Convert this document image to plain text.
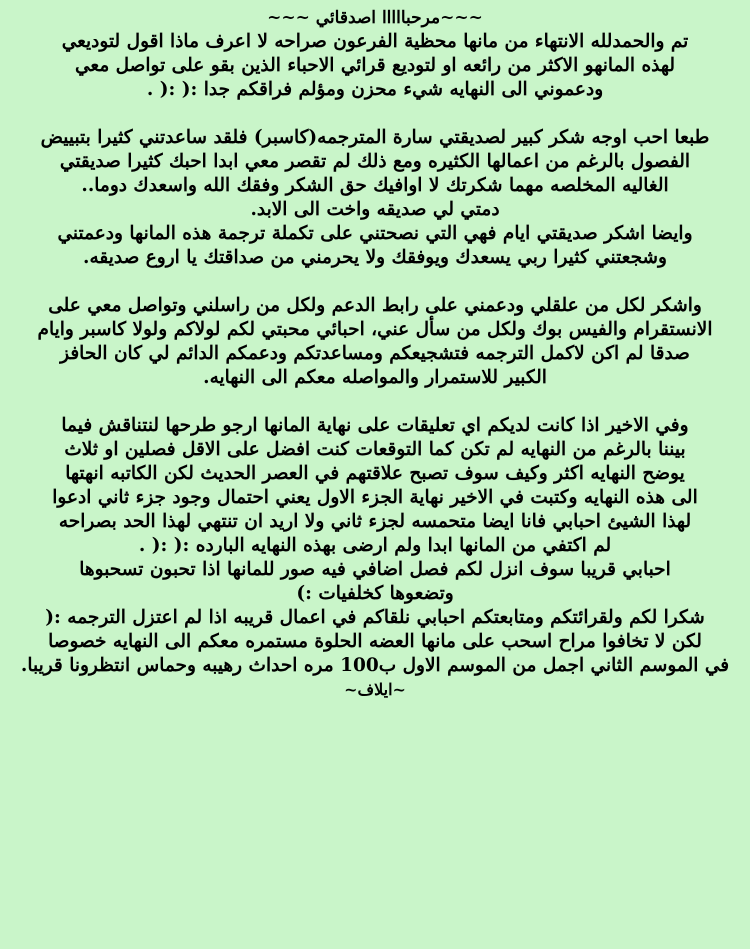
~~~مرحبااااا اصدقائي ~~~

تم والحمدلله الانتهاء من مانها محظية الفرعون صراحه لا اعرف ماذا اقول لتوديعي
لهذه المانهو الاكثر من رائعه او لتوديع قرائي الاحباء الذين بقو على تواصل معي
ودعموني الى النهايه شيء محزن ومؤلم فراقكم جدا :( :( .

طبعا احب اوجه شكر كبير لصديقتي سارة المترجمه(كاسبر) فلقد ساعدتني كثيرا بتبييض
الفصول بالرغم من اعمالها الكثيره ومع ذلك لم تقصر معي ابدا احبك كثيرا صديقتي
الغاليه المخلصه مهما شكرتك لا اوافيك حق الشكر وفقك الله واسعدك دوما..
دمتي لي صديقه واخت الى الابد.
وايضا اشكر صديقتي ايام فهي التي نصحتني على تكملة ترجمة هذه المانها ودعمتني
وشجعتني كثيرا ربي يسعدك ويوفقك ولا يحرمني من صداقتك يا اروع صديقه.

واشكر لكل من علقلي ودعمني على رابط الدعم ولكل من راسلني وتواصل معي على
الانستقرام والفيس بوك ولكل من سأل عني، احبائي محبتي لكم لولاكم ولولا كاسبر وايام
صدقا لم اكن لاكمل الترجمه فتشجيعكم ومساعدتكم ودعمكم الدائم لي كان الحافز
الكبير للاستمرار والمواصله معكم الى النهايه.

وفي الاخير اذا كانت لديكم اي تعليقات على نهاية المانها ارجو طرحها لنتناقش فيما
بيننا بالرغم من النهايه لم تكن كما التوقعات كنت افضل على الاقل فصلين او ثلاث
يوضح النهايه اكثر وكيف سوف تصبح علاقتهم في العصر الحديث لكن الكاتبه انهتها
الى هذه النهايه وكتبت في الاخير نهاية الجزء الاول يعني احتمال وجود جزء ثاني ادعوا
لهذا الشيئ احبابي فانا ايضا متحمسه لجزء ثاني ولا اريد ان تنتهي لهذا الحد بصراحه
لم اكتفي من المانها ابدا ولم ارضى بهذه النهايه البارده :( :( .
احبابي قريبا سوف انزل لكم فصل اضافي فيه صور للمانها اذا تحبون تسحبوها
وتضعوها كخلفيات :)
شكرا لكم ولقرائتكم ومتابعتكم احبابي نلقاكم في اعمال قريبه اذا لم اعتزل الترجمه :(
لكن لا تخافوا مراح اسحب على مانها العضه الحلوة مستمره معكم الى النهايه خصوصا
في الموسم الثاني اجمل من الموسم الاول ب100 مره احداث رهيبه وحماس انتظرونا قريبا.

~ايلاف~
